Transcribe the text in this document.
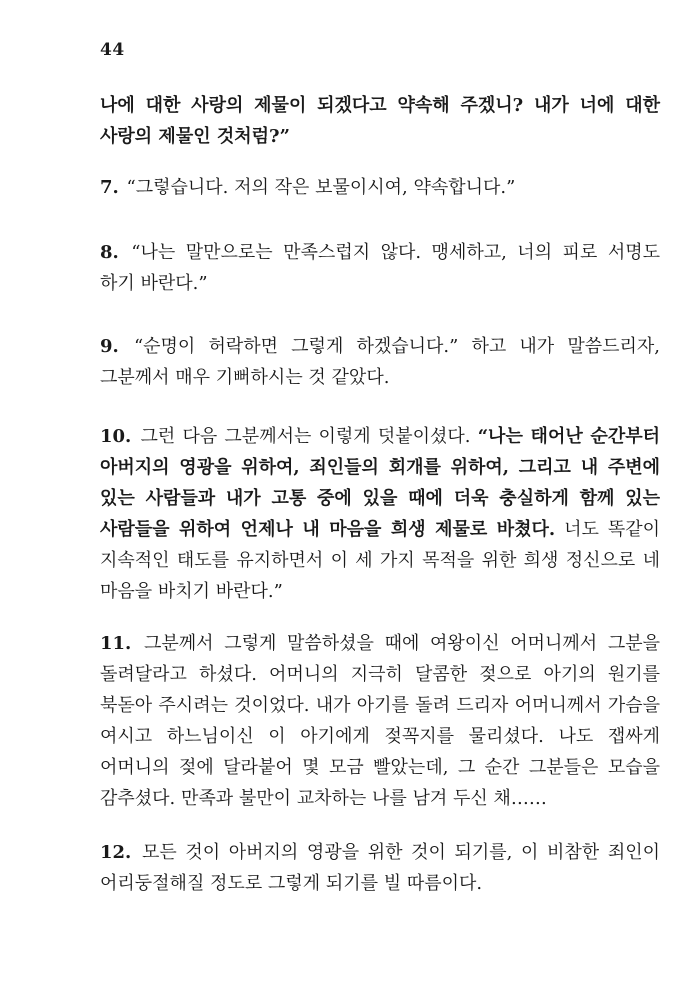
44
나에 대한 사랑의 제물이 되겠다고 약속해 주겠니? 내가 너에 대한 사랑의 제물인 것처럼?”
7. “그렇습니다. 저의 작은 보물이시여, 약속합니다.”
8. “나는 말만으로는 만족스럽지 않다. 맹세하고, 너의 피로 서명도 하기 바란다.”
9. “순명이 허락하면 그렇게 하겠습니다.” 하고 내가 말씀드리자, 그분께서 매우 기뻐하시는 것 같았다.
10. 그런 다음 그분께서는 이렇게 덧붙이셨다. “나는 태어난 순간부터 아버지의 영광을 위하여, 죄인들의 회개를 위하여, 그리고 내 주변에 있는 사람들과 내가 고통 중에 있을 때에 더욱 충실하게 함께 있는 사람들을 위하여 언제나 내 마음을 희생 제물로 바쳤다. 너도 똑같이 지속적인 태도를 유지하면서 이 세 가지 목적을 위한 희생 정신으로 네 마음을 바치기 바란다.”
11. 그분께서 그렇게 말씀하셨을 때에 여왕이신 어머니께서 그분을 돌려달라고 하셨다. 어머니의 지극히 달콤한 젖으로 아기의 원기를 북돋아 주시려는 것이었다. 내가 아기를 돌려 드리자 어머니께서 가슴을 여시고 하느님이신 이 아기에게 젖꼭지를 물리셨다. 나도 잽싸게 어머니의 젖에 달라붙어 몇 모금 빨았는데, 그 순간 그분들은 모습을 감추셨다. 만족과 불만이 교차하는 나를 남겨 두신 채……
12. 모든 것이 아버지의 영광을 위한 것이 되기를, 이 비참한 죄인이 어리둥절해질 정도로 그렇게 되기를 빌 따름이다.
